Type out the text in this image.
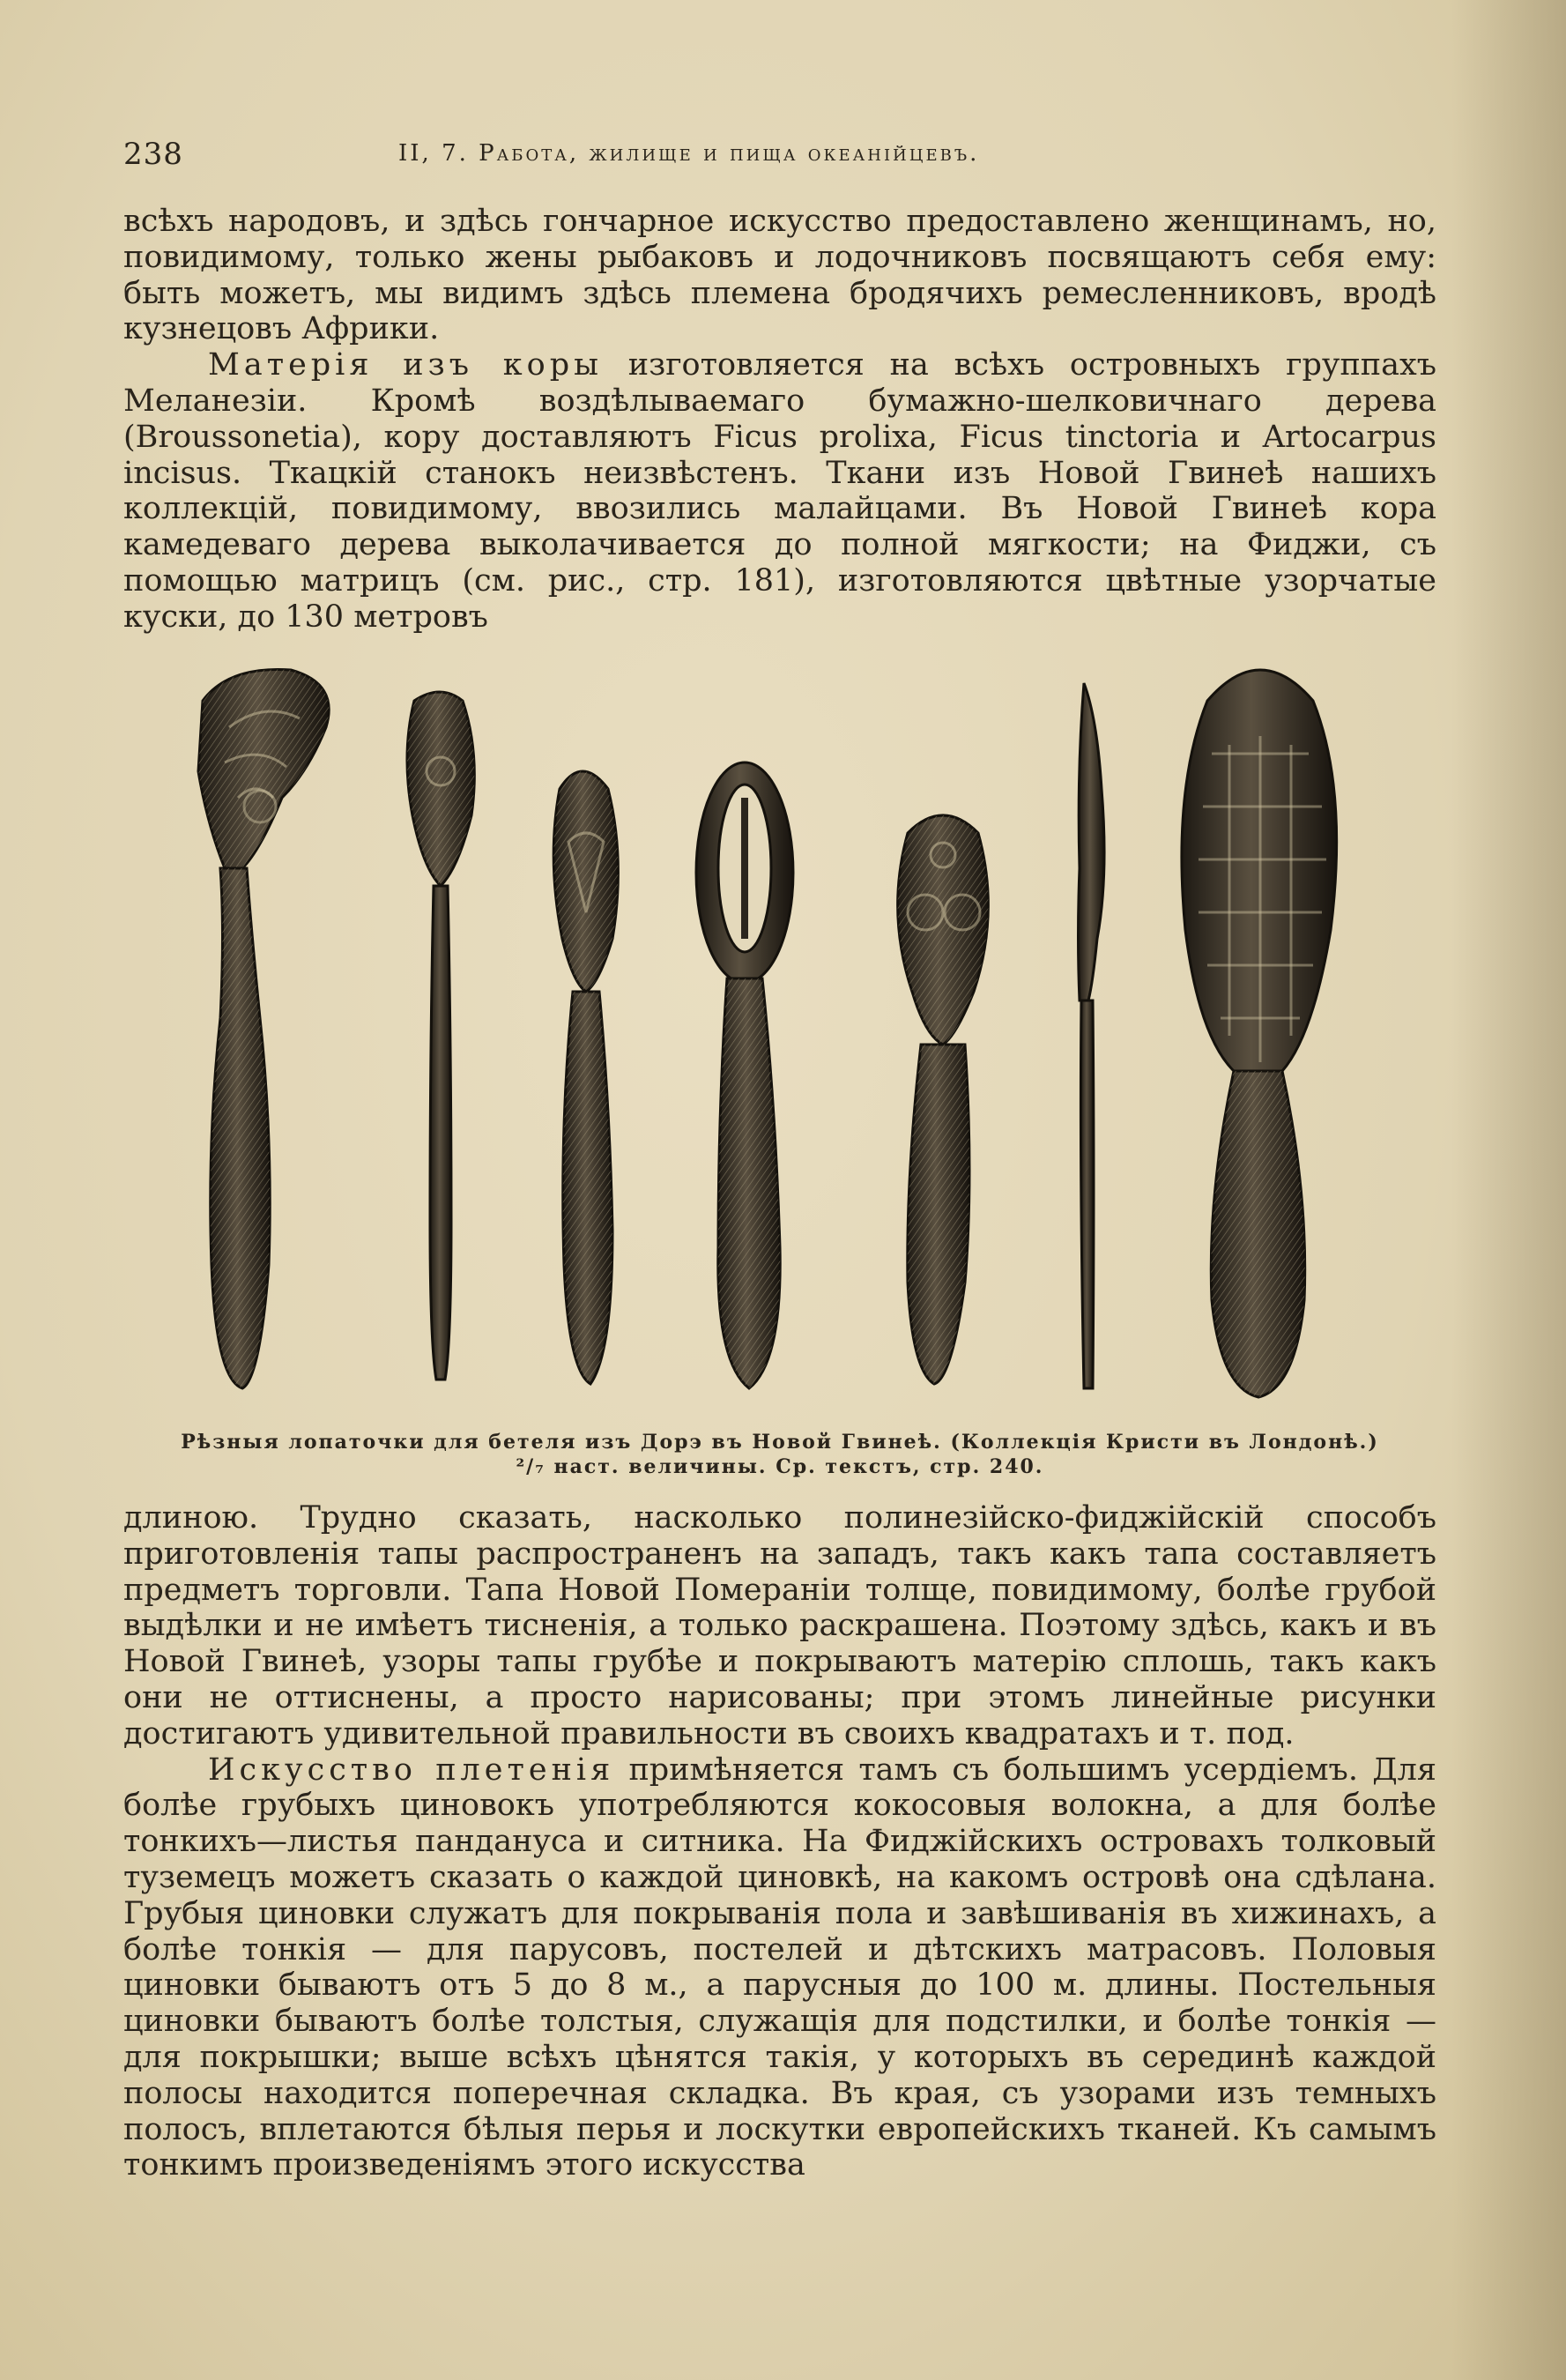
238	II, 7. Работа, жилище и пища океанійцевъ.

всѣхъ народовъ, и здѣсь гончарное искусство предоставлено женщинамъ, но, повидимому, только жены рыбаковъ и лодочниковъ посвящаютъ себя ему: быть можетъ, мы видимъ здѣсь племена бродячихъ ремесленниковъ, вродѣ кузнецовъ Африки.

Матерія изъ коры изготовляется на всѣхъ островныхъ группахъ Меланезіи. Кромѣ воздѣлываемаго бумажно-шелковичнаго дерева (Broussonetia), кору доставляютъ Ficus prolixa, Ficus tinctoria и Artocarpus incisus. Ткацкій станокъ неизвѣстенъ. Ткани изъ Новой Гвинеѣ нашихъ коллекцій, повидимому, ввозились малайцами. Въ Новой Гвинеѣ кора камедеваго дерева выколачивается до полной мягкости; на Фиджи, съ помощью матрицъ (см. рис., стр. 181), изготовляются цвѣтные узорчатые куски, до 130 метровъ

Рѣзныя лопаточки для бетеля изъ Дорэ въ Новой Гвинеѣ. (Коллекція Кристи въ Лондонѣ.)
²/₇ наст. величины. Ср. текстъ, стр. 240.

длиною. Трудно сказать, насколько полинезійско-фиджійскій способъ приготовленія тапы распространенъ на западъ, такъ какъ тапа составляетъ предметъ торговли. Тапа Новой Помераніи толще, повидимому, болѣе грубой выдѣлки и не имѣетъ тисненія, а только раскрашена. Поэтому здѣсь, какъ и въ Новой Гвинеѣ, узоры тапы грубѣе и покрываютъ матерію сплошь, такъ какъ они не оттиснены, а просто нарисованы; при этомъ линейные рисунки достигаютъ удивительной правильности въ своихъ квадратахъ и т. под.

Искусство плетенія примѣняется тамъ съ большимъ усердіемъ. Для болѣе грубыхъ циновокъ употребляются кокосовыя волокна, а для болѣе тонкихъ—листья пандануса и ситника. На Фиджійскихъ островахъ толковый туземецъ можетъ сказать о каждой циновкѣ, на какомъ островѣ она сдѣлана. Грубыя циновки служатъ для покрыванія пола и завѣшиванія въ хижинахъ, а болѣе тонкія — для парусовъ, постелей и дѣтскихъ матрасовъ. Половыя циновки бываютъ отъ 5 до 8 м., а парусныя до 100 м. длины. Постельныя циновки бываютъ болѣе толстыя, служащія для подстилки, и болѣе тонкія — для покрышки; выше всѣхъ цѣнятся такія, у которыхъ въ серединѣ каждой полосы находится поперечная складка. Въ края, съ узорами изъ темныхъ полосъ, вплетаются бѣлыя перья и лоскутки европейскихъ тканей. Къ самымъ тонкимъ произведеніямъ этого искусства
